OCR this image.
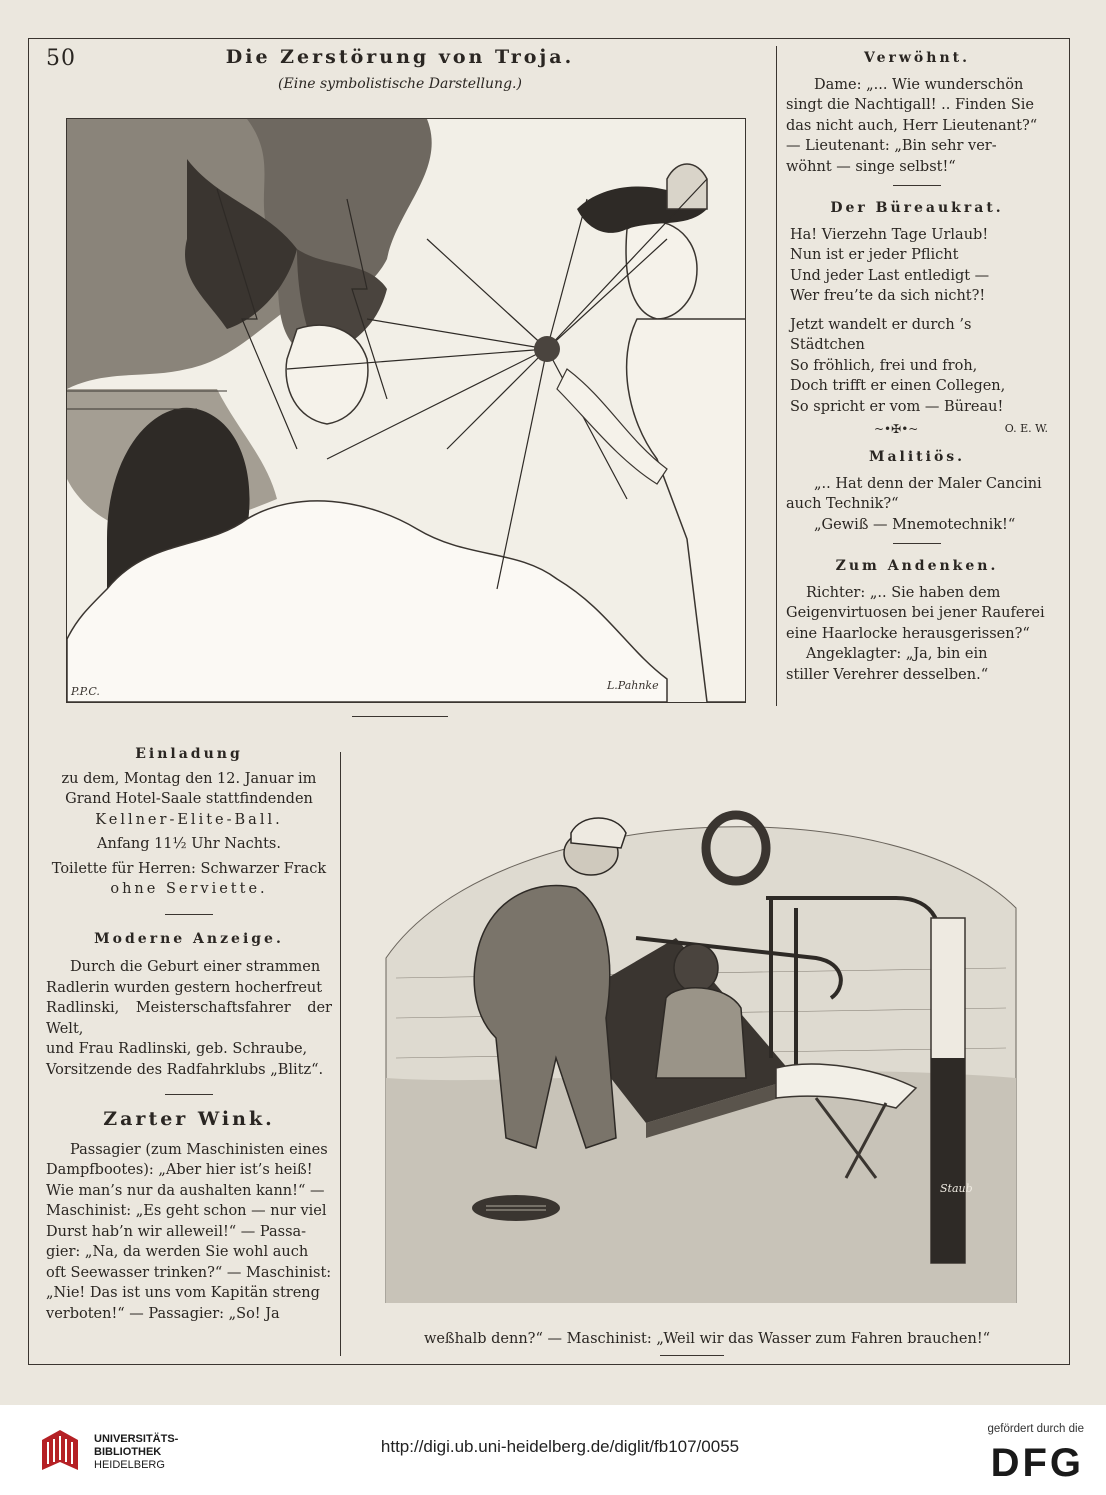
50	Die Zerstörung von Troja.
(Eine symbolistische Darstellung.)
P.P.C.	L.Pahnke

Verwöhnt.

Dame: „... Wie wunderschön

singt die Nachtigall! .. Finden Sie

das nicht auch, Herr Lieutenant?“

— Lieutenant: „Bin sehr ver-

wöhnt — singe selbst!“

Der Büreaukrat.

Ha! Vierzehn Tage Urlaub!

Nun ist er jeder Pflicht

Und jeder Last entledigt —

Wer freu’te da sich nicht?!

Jetzt wandelt er durch ’s Städtchen

So fröhlich, frei und froh,

Doch trifft er einen Collegen,

So spricht er vom — Büreau!

~•✠•~	O. E. W.

Malitiös.

„.. Hat denn der Maler Cancini

auch Technik?“

„Gewiß — Mnemotechnik!“

Zum Andenken.

Richter: „.. Sie haben dem

Geigenvirtuosen bei jener Rauferei

eine Haarlocke herausgerissen?“

Angeklagter: „Ja, bin ein

stiller Verehrer desselben.“

Einladung

zu dem, Montag den 12. Januar im

Grand Hotel-Saale stattfindenden

Kellner-Elite-Ball.

Anfang 11½ Uhr Nachts.

Toilette für Herren: Schwarzer Frack

ohne Serviette.

Moderne Anzeige.

Durch die Geburt einer strammen

Radlerin wurden gestern hocherfreut

Radlinski, Meisterschaftsfahrer der Welt,

und Frau Radlinski, geb. Schraube,

Vorsitzende des Radfahrklubs „Blitz“.

Zarter Wink.

Passagier (zum Maschinisten eines

Dampfbootes): „Aber hier ist’s heiß!

Wie man’s nur da aushalten kann!“ —

Maschinist: „Es geht schon — nur viel

Durst hab’n wir alleweil!“ — Passa-

gier: „Na, da werden Sie wohl auch

oft Seewasser trinken?“ — Maschinist:

„Nie! Das ist uns vom Kapitän streng

verboten!“ — Passagier: „So! Ja

Staub
weßhalb denn?“ — Maschinist: „Weil wir das Wasser zum Fahren brauchen!“
UNIVERSITÄTS-
BIBLIOTHEK
HEIDELBERG
http://digi.ub.uni-heidelberg.de/diglit/fb107/0055
gefördert durch die
DFG
